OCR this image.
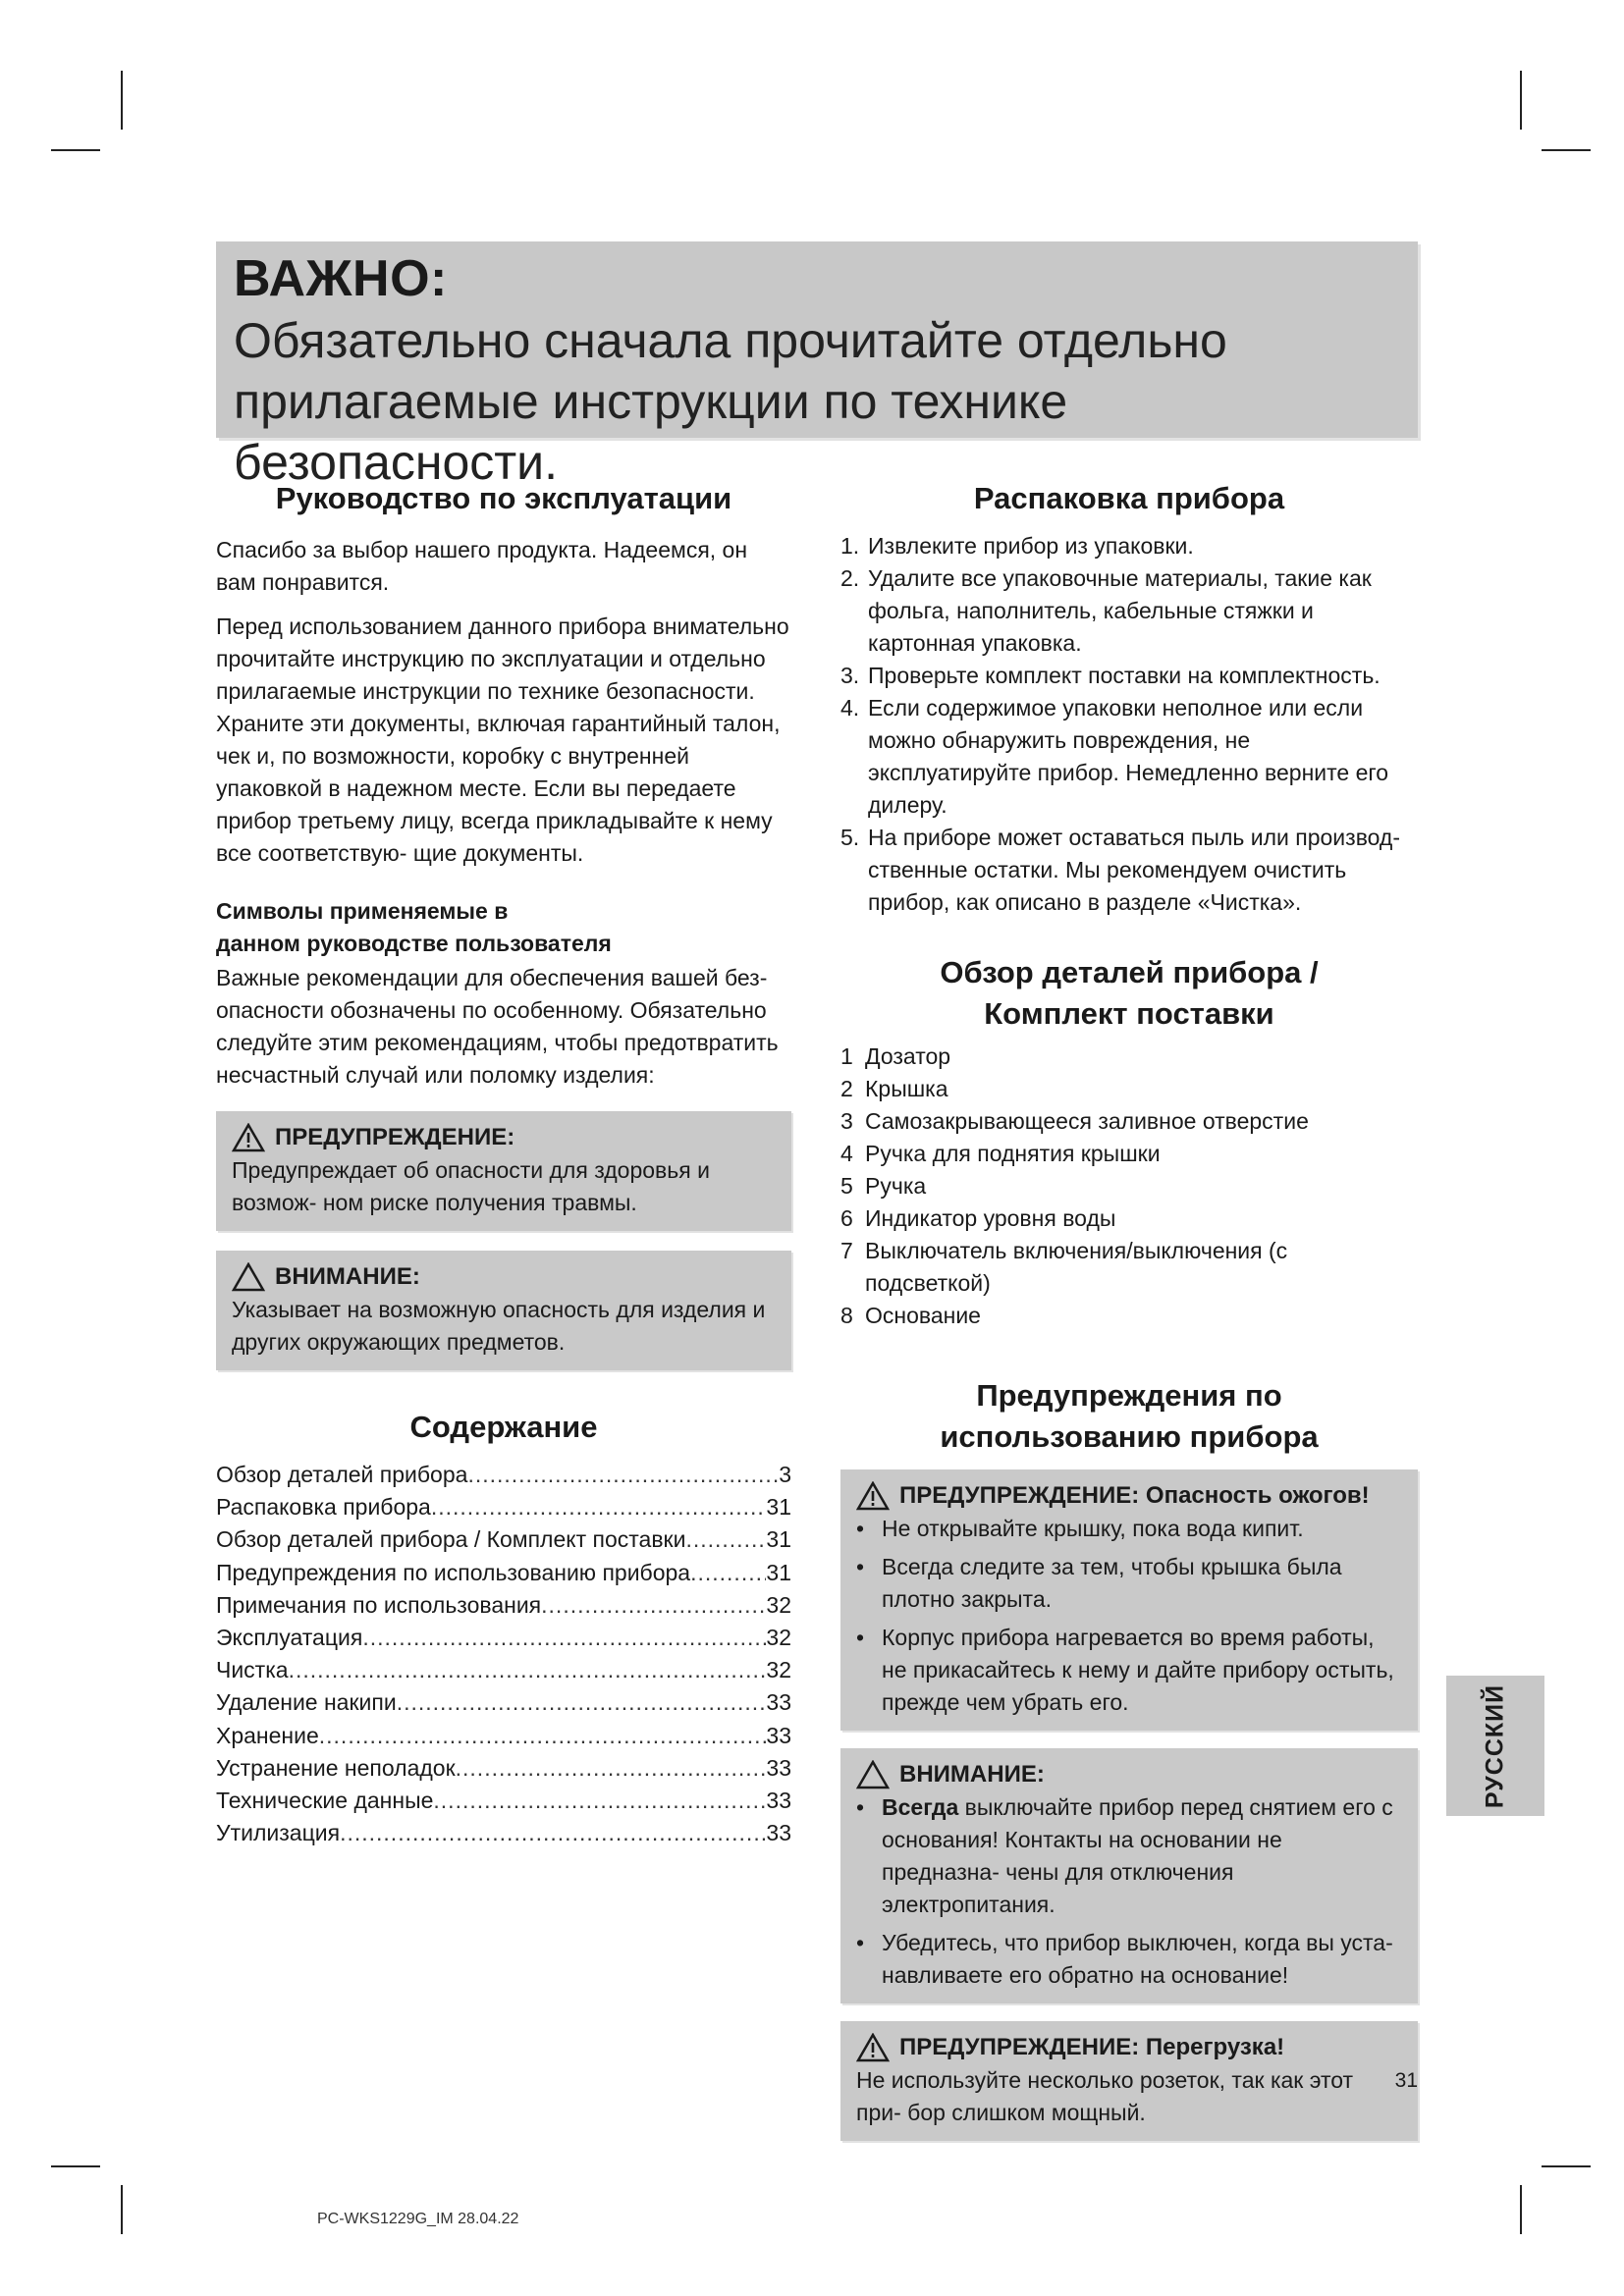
ВАЖНО:
Обязательно сначала прочитайте отдельно прилагаемые инструкции по технике безопасности.
Руководство по эксплуатации

Спасибо за выбор нашего продукта. Надеемся, он вам понравится.

Перед использованием данного прибора внимательно прочитайте инструкцию по эксплуатации и отдельно прилагаемые инструкции по технике безопасности. Храните эти документы, включая гарантийный талон, чек и, по возможности, коробку с внутренней упаковкой в надежном месте. Если вы передаете прибор третьему лицу, всегда прикладывайте к нему все соответствую- щие документы.

Символы применяемые в
данном руководстве пользователя

Важные рекомендации для обеспечения вашей без- опасности обозначены по особенному. Обязательно следуйте этим рекомендациям, чтобы предотвратить несчастный случай или поломку изделия:

ПРЕДУПРЕЖДЕНИЕ:
Предупреждает об опасности для здоровья и возмож- ном риске получения травмы.
ВНИМАНИЕ:
Указывает на возможную опасность для изделия и других окружающих предметов.
Содержание
Обзор деталей прибора .....	3
Распаковка прибора .....	31
Обзор деталей прибора / Комплект поставки .....	31
Предупреждения по использованию прибора .....	31
Примечания по использования .....	32
Эксплуатация .....	32
Чистка .....	32
Удаление накипи .....	33
Хранение .....	33
Устранение неполадок .....	33
Технические данные .....	33
Утилизация .....	33
Распаковка прибора
1. Извлеките прибор из упаковки.
2. Удалите все упаковочные материалы, такие как фольга, наполнитель, кабельные стяжки и картонная упаковка.
3. Проверьте комплект поставки на комплектность.
4. Если содержимое упаковки неполное или если можно обнаружить повреждения, не эксплуатируйте прибор. Немедленно верните его дилеру.
5. На приборе может оставаться пыль или производ- ственные остатки. Мы рекомендуем очистить прибор, как описано в разделе «Чистка».
Обзор деталей прибора /
Комплект поставки
1 Дозатор
2 Крышка
3 Самозакрывающееся заливное отверстие
4 Ручка для поднятия крышки
5 Ручка
6 Индикатор уровня воды
7 Выключатель включения/выключения (с подсветкой)
8 Основание
Предупреждения по
использованию прибора
ПРЕДУПРЕЖДЕНИЕ: Опасность ожогов!
• Не открывайте крышку, пока вода кипит.
• Всегда следите за тем, чтобы крышка была плотно закрыта.
• Корпус прибора нагревается во время работы, не прикасайтесь к нему и дайте прибору остыть, прежде чем убрать его.
ВНИМАНИЕ:
• Всегда выключайте прибор перед снятием его с основания! Контакты на основании не предназна- чены для отключения электропитания.
• Убедитесь, что прибор выключен, когда вы уста- навливаете его обратно на основание!
ПРЕДУПРЕЖДЕНИЕ: Перегрузка!
Не используйте несколько розеток, так как этот при- бор слишком мощный.
РУССКИЙ
31
PC-WKS1229G_IM 28.04.22
